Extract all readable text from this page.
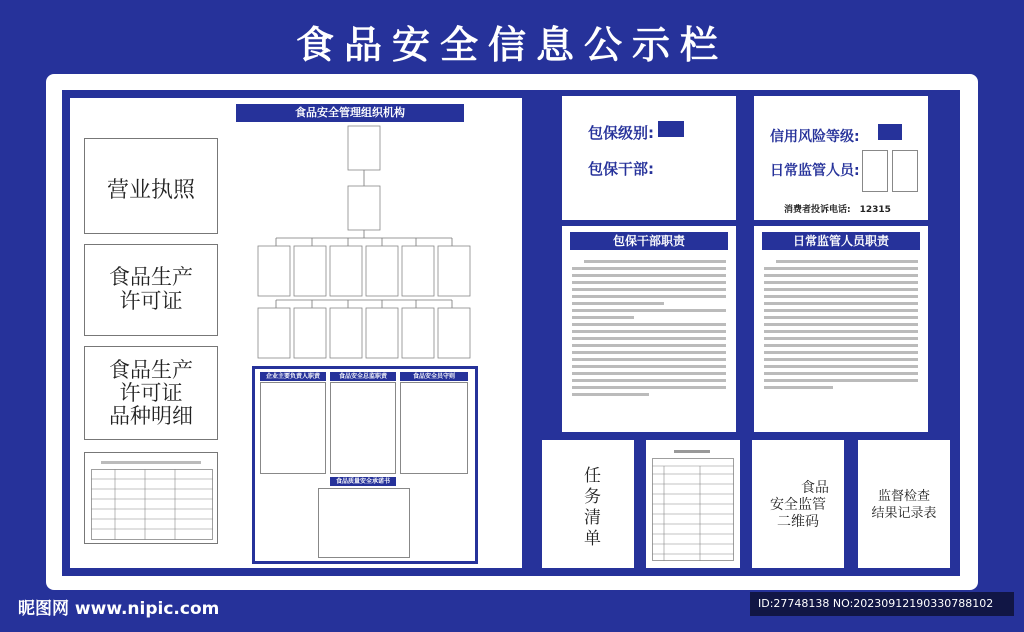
食品安全信息公示栏
营业执照
食品生产
许可证
食品生产
许可证
品种明细
食品安全管理组织机构
企业主要负责人职责	食品安全总监职责	食品安全员守则
食品质量安全承诺书
包保级别:
包保干部:
信用风险等级:
日常监管人员:
消费者投诉电话:　12315
包保干部职责	日常监管人员职责
任务清单	食品
安全监管
二维码
监督检查
结果记录表
昵图网 www.nipic.com	ID:27748138 NO:20230912190330788102
